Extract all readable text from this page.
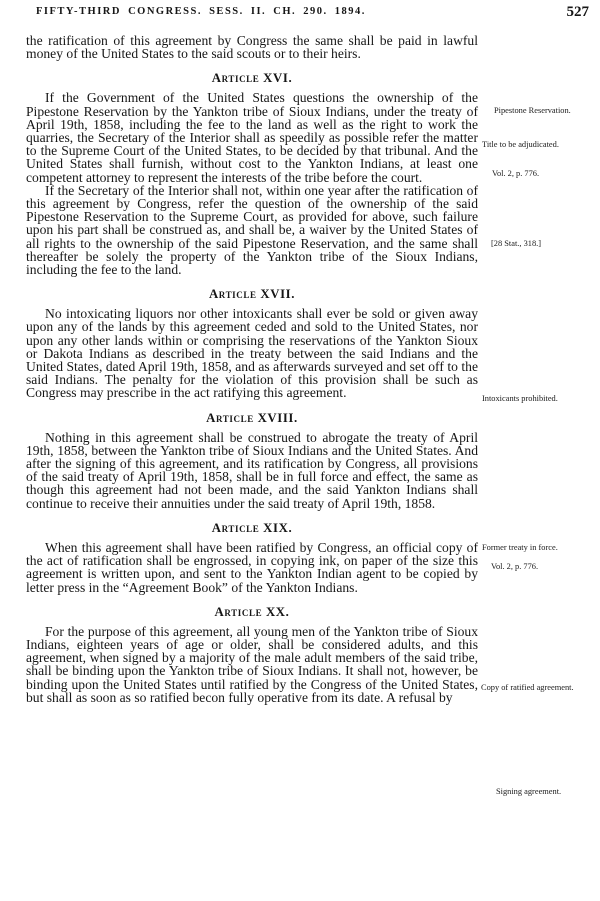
FIFTY-THIRD CONGRESS. SESS. II. CH. 290. 1894.	527

the ratification of this agreement by Congress the same shall be paid in lawful money of the United States to the said scouts or to their heirs.

Article XVI.

If the Government of the United States questions the ownership of the Pipestone Reservation by the Yankton tribe of Sioux Indians, under the treaty of April 19th, 1858, including the fee to the land as well as the right to work the quarries, the Secretary of the Interior shall as speedily as possible refer the matter to the Supreme Court of the United States, to be decided by that tribunal. And the United States shall furnish, without cost to the Yankton Indians, at least one competent attorney to represent the interests of the tribe before the court.

If the Secretary of the Interior shall not, within one year after the ratification of this agreement by Congress, refer the question of the ownership of the said Pipestone Reservation to the Supreme Court, as provided for above, such failure upon his part shall be construed as, and shall be, a waiver by the United States of all rights to the ownership of the said Pipestone Reservation, and the same shall thereafter be solely the property of the Yankton tribe of the Sioux Indians, including the fee to the land.

Article XVII.

No intoxicating liquors nor other intoxicants shall ever be sold or given away upon any of the lands by this agreement ceded and sold to the United States, nor upon any other lands within or comprising the reservations of the Yankton Sioux or Dakota Indians as described in the treaty between the said Indians and the United States, dated April 19th, 1858, and as afterwards surveyed and set off to the said Indians. The penalty for the violation of this provision shall be such as Congress may prescribe in the act ratifying this agreement.

Article XVIII.

Nothing in this agreement shall be construed to abrogate the treaty of April 19th, 1858, between the Yankton tribe of Sioux Indians and the United States. And after the signing of this agreement, and its ratification by Congress, all provisions of the said treaty of April 19th, 1858, shall be in full force and effect, the same as though this agreement had not been made, and the said Yankton Indians shall continue to receive their annuities under the said treaty of April 19th, 1858.

Article XIX.

When this agreement shall have been ratified by Congress, an official copy of the act of ratification shall be engrossed, in copying ink, on paper of the size this agreement is written upon, and sent to the Yankton Indian agent to be copied by letter press in the “Agreement Book” of the Yankton Indians.

Article XX.

For the purpose of this agreement, all young men of the Yankton tribe of Sioux Indians, eighteen years of age or older, shall be considered adults, and this agreement, when signed by a majority of the male adult members of the said tribe, shall be binding upon the Yankton tribe of Sioux Indians. It shall not, however, be binding upon the United States until ratified by the Congress of the United States, but shall as soon as so ratified becon fully operative from its date. A refusal by

Pipestone Reservation.
Title to be adjudicated.
Vol. 2, p. 776.
[28 Stat., 318.]
Intoxicants prohibited.
Former treaty in force.
Vol. 2, p. 776.
Copy of ratified agreement.
Signing agreement.
